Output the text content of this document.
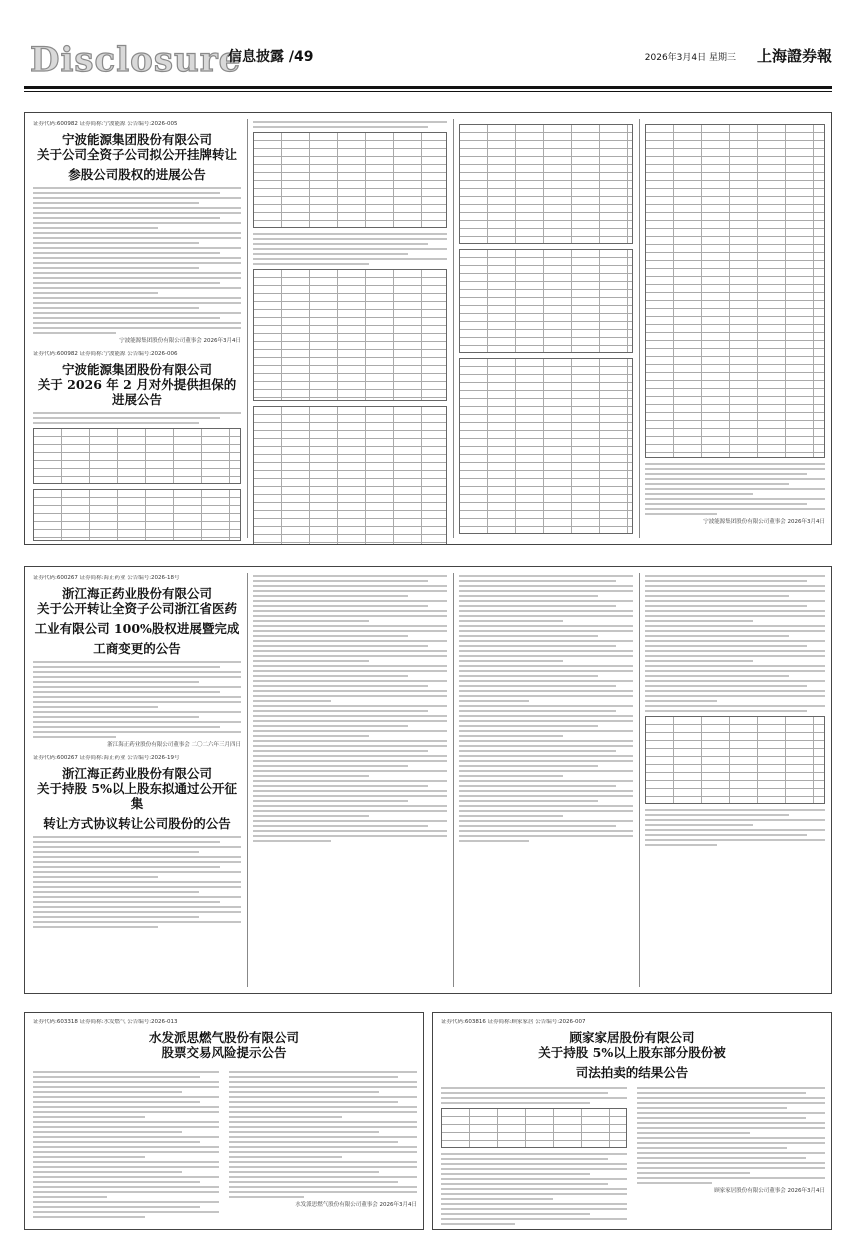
Disclosure
信息披露 /49	2026年3月4日 星期三 上海證券報
证券代码:600982 证券简称:宁波能源 公告编号:2026-005
宁波能源集团股份有限公司
关于公司全资子公司拟公开挂牌转让
参股公司股权的进展公告
宁波能源集团股份有限公司董事会 2026年3月4日
证券代码:600982 证券简称:宁波能源 公告编号:2026-006
宁波能源集团股份有限公司
关于 2026 年 2 月对外提供担保的进展公告
宁波能源集团股份有限公司董事会 2026年3月4日
证券代码:600267 证券简称:海正药业 公告编号:2026-18号
浙江海正药业股份有限公司
关于公开转让全资子公司浙江省医药
工业有限公司 100%股权进展暨完成
工商变更的公告
浙江海正药业股份有限公司董事会 二〇二六年三月四日
证券代码:600267 证券简称:海正药业 公告编号:2026-19号
浙江海正药业股份有限公司
关于持股 5%以上股东拟通过公开征集
转让方式协议转让公司股份的公告
证券代码:603318 证券简称:水发燃气 公告编号:2026-013
水发派思燃气股份有限公司
股票交易风险提示公告
水发派思燃气股份有限公司董事会 2026年3月4日
证券代码:603816 证券简称:顾家家居 公告编号:2026-007
顾家家居股份有限公司
关于持股 5%以上股东部分股份被
司法拍卖的结果公告
顾家家居股份有限公司董事会 2026年3月4日
